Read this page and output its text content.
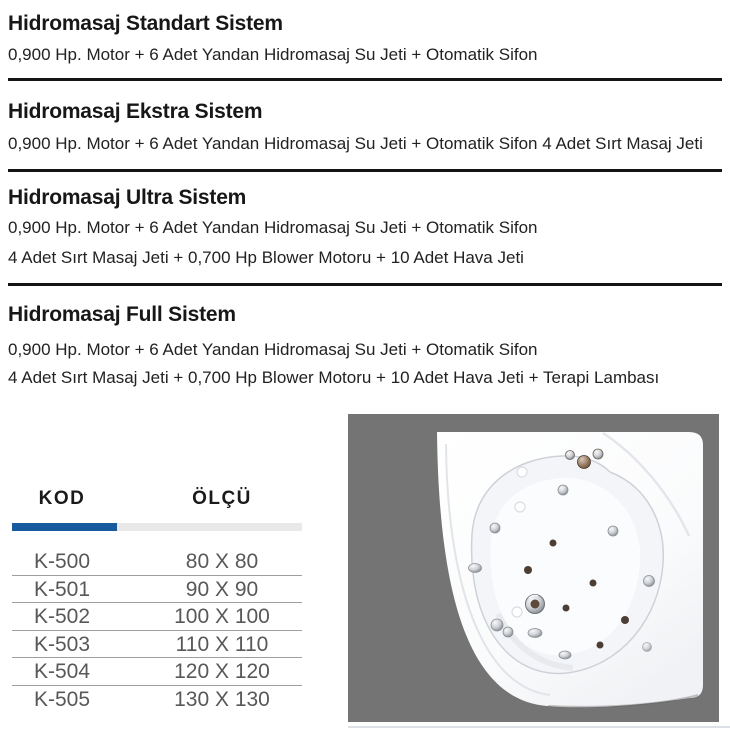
Hidromasaj Standart Sistem

0,900 Hp. Motor + 6 Adet Yandan Hidromasaj Su Jeti + Otomatik Sifon

Hidromasaj Ekstra Sistem

0,900 Hp. Motor + 6 Adet Yandan Hidromasaj Su Jeti + Otomatik Sifon 4 Adet Sırt Masaj Jeti

Hidromasaj Ultra Sistem

0,900 Hp. Motor + 6 Adet Yandan Hidromasaj Su Jeti + Otomatik Sifon

4 Adet Sırt Masaj Jeti + 0,700 Hp Blower Motoru + 10 Adet Hava Jeti

Hidromasaj Full Sistem

0,900 Hp. Motor + 6 Adet Yandan Hidromasaj Su Jeti + Otomatik Sifon

4 Adet Sırt Masaj Jeti + 0,700 Hp Blower Motoru + 10 Adet Hava Jeti + Terapi Lambası

KOD	ÖLÇÜ
K-500	80 X 80
K-501	90 X 90
K-502	100 X 100
K-503	110 X 110
K-504	120 X 120
K-505	130 X 130
